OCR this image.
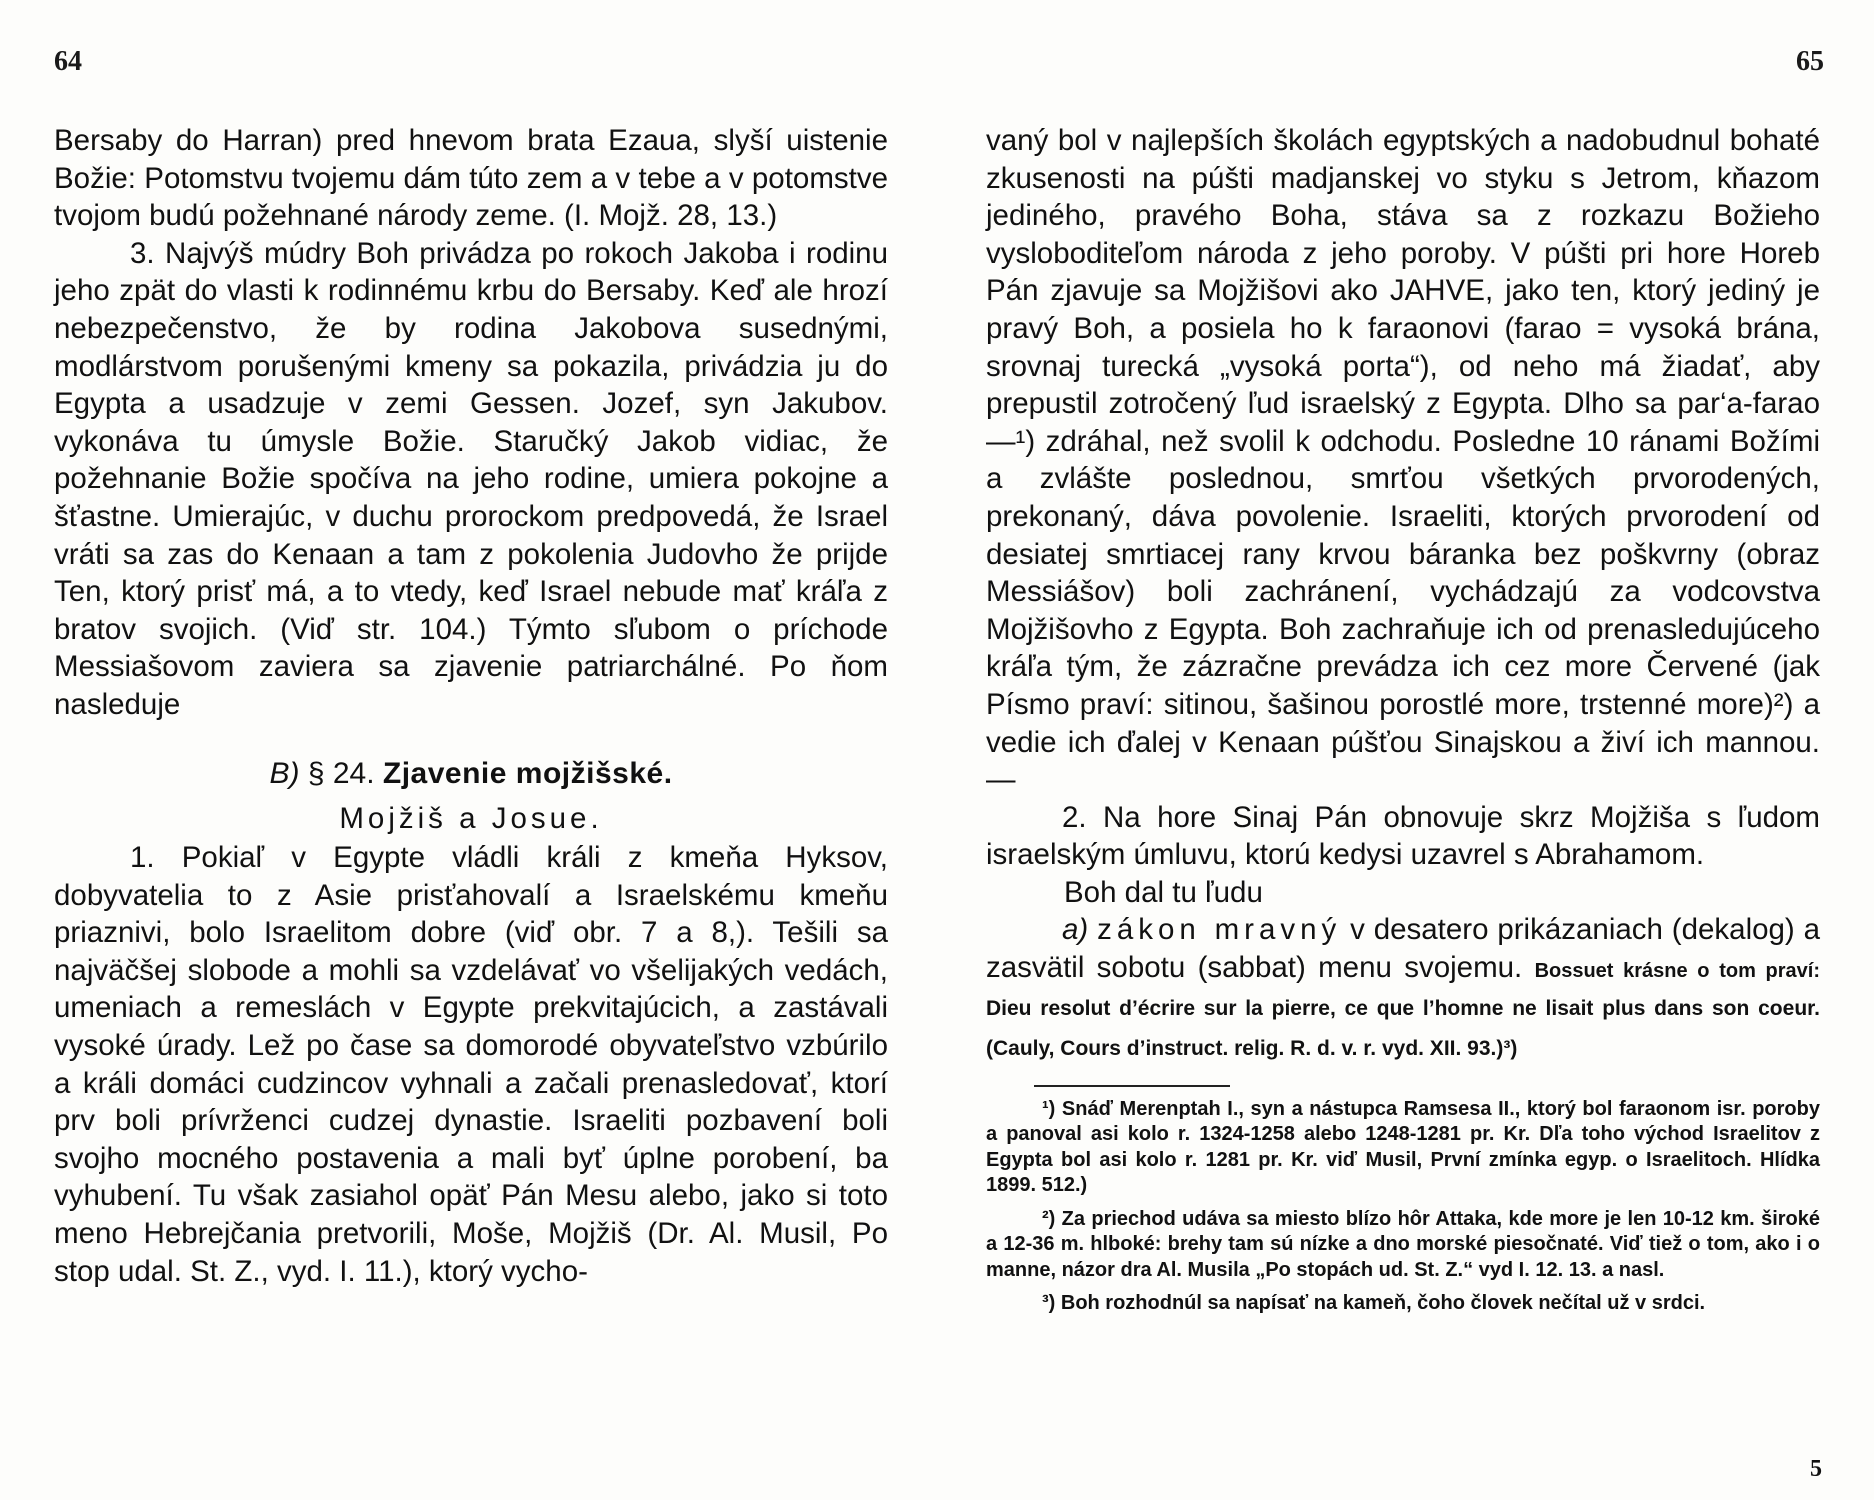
64

Bersaby do Harran) pred hnevom brata Ezaua, slyší uistenie Božie: Potomstvu tvojemu dám túto zem a v tebe a v potomstve tvojom budú požehnané národy zeme. (I. Mojž. 28, 13.)

3. Najvýš múdry Boh privádza po rokoch Jakoba i rodinu jeho zpät do vlasti k rodinnému krbu do Bersaby. Keď ale hrozí nebezpečenstvo, že by rodina Jakobova susednými, modlárstvom porušenými kmeny sa pokazila, privádzia ju do Egypta a usadzuje v zemi Gessen. Jozef, syn Jakubov. vykonáva tu úmysle Božie. Staručký Jakob vidiac, že požehnanie Božie spočíva na jeho rodine, umiera pokojne a šťastne. Umierajúc, v duchu prorockom predpovedá, že Israel vráti sa zas do Kenaan a tam z pokolenia Judovho že prijde Ten, ktorý prisť má, a to vtedy, keď Israel nebude mať kráľa z bratov svojich. (Viď str. 104.) Týmto sľubom o príchode Messiašovom zaviera sa zjavenie patriarchálné. Po ňom nasleduje

B) § 24. Zjavenie mojžišské.
Mojžiš a Josue.

1. Pokiaľ v Egypte vládli králi z kmeňa Hyksov, dobyvatelia to z Asie prisťahovalí a Israelskému kmeňu priaznivi, bolo Israelitom dobre (viď obr. 7 a 8,). Tešili sa najväčšej slobode a mohli sa vzdelávať vo všelijakých vedách, umeniach a remeslách v Egypte prekvitajúcich, a zastávali vysoké úrady. Lež po čase sa domorodé obyvateľstvo vzbúrilo a králi domáci cudzincov vyhnali a začali prenasledovať, ktorí prv boli prívrženci cudzej dynastie. Israeliti pozbavení boli svojho mocného postavenia a mali byť úplne porobení, ba vyhubení. Tu však zasiahol opäť Pán Mesu alebo, jako si toto meno Hebrejčania pretvorili, Moše, Mojžiš (Dr. Al. Musil, Po stop udal. St. Z., vyd. I. 11.), ktorý vycho-

65

vaný bol v najlepších školách egyptských a nadobudnul bohaté zkusenosti na púšti madjanskej vo styku s Jetrom, kňazom jediného, pravého Boha, stáva sa z rozkazu Božieho vysloboditeľom národa z jeho poroby. V púšti pri hore Horeb Pán zjavuje sa Mojžišovi ako JAHVE, jako ten, ktorý jediný je pravý Boh, a posiela ho k faraonovi (farao = vysoká brána, srovnaj turecká „vysoká porta“), od neho má žiadať, aby prepustil zotročený ľud israelský z Egypta. Dlho sa par‘a-farao —¹) zdráhal, než svolil k odchodu. Posledne 10 ránami Božími a zvlášte poslednou, smrťou všetkých prvorodených, prekonaný, dáva povolenie. Israeliti, ktorých prvorodení od desiatej smrtiacej rany krvou báranka bez poškvrny (obraz Messiášov) boli zachránení, vychádzajú za vodcovstva Mojžišovho z Egypta. Boh zachraňuje ich od prenasledujúceho kráľa tým, že zázračne prevádza ich cez more Červené (jak Písmo praví: sitinou, šašinou porostlé more, trstenné more)²) a vedie ich ďalej v Kenaan púšťou Sinajskou a živí ich mannou. —

2. Na hore Sinaj Pán obnovuje skrz Mojžiša s ľudom israelským úmluvu, ktorú kedysi uzavrel s Abrahamom.

Boh dal tu ľudu

a) zákon mravný v desatero prikázaniach (dekalog) a zasvätil sobotu (sabbat) menu svojemu. Bossuet krásne o tom praví: Dieu resolut d’écrire sur la pierre, ce que l’homne ne lisait plus dans son coeur. (Cauly, Cours d’instruct. relig. R. d. v. r. vyd. XII. 93.)³)

¹) Snáď Merenptah I., syn a nástupca Ramsesa II., ktorý bol faraonom isr. poroby a panoval asi kolo r. 1324-1258 alebo 1248-1281 pr. Kr. Dľa toho východ Israelitov z Egypta bol asi kolo r. 1281 pr. Kr. viď Musil, První zmínka egyp. o Israelitoch. Hlídka 1899. 512.)

²) Za priechod udáva sa miesto blízo hôr Attaka, kde more je len 10-12 km. široké a 12-36 m. hlboké: brehy tam sú nízke a dno morské piesočnaté. Viď tiež o tom, ako i o manne, názor dra Al. Musila „Po stopách ud. St. Z.“ vyd I. 12. 13. a nasl.

³) Boh rozhodnúl sa napísať na kameň, čoho človek nečítal už v srdci.

5
